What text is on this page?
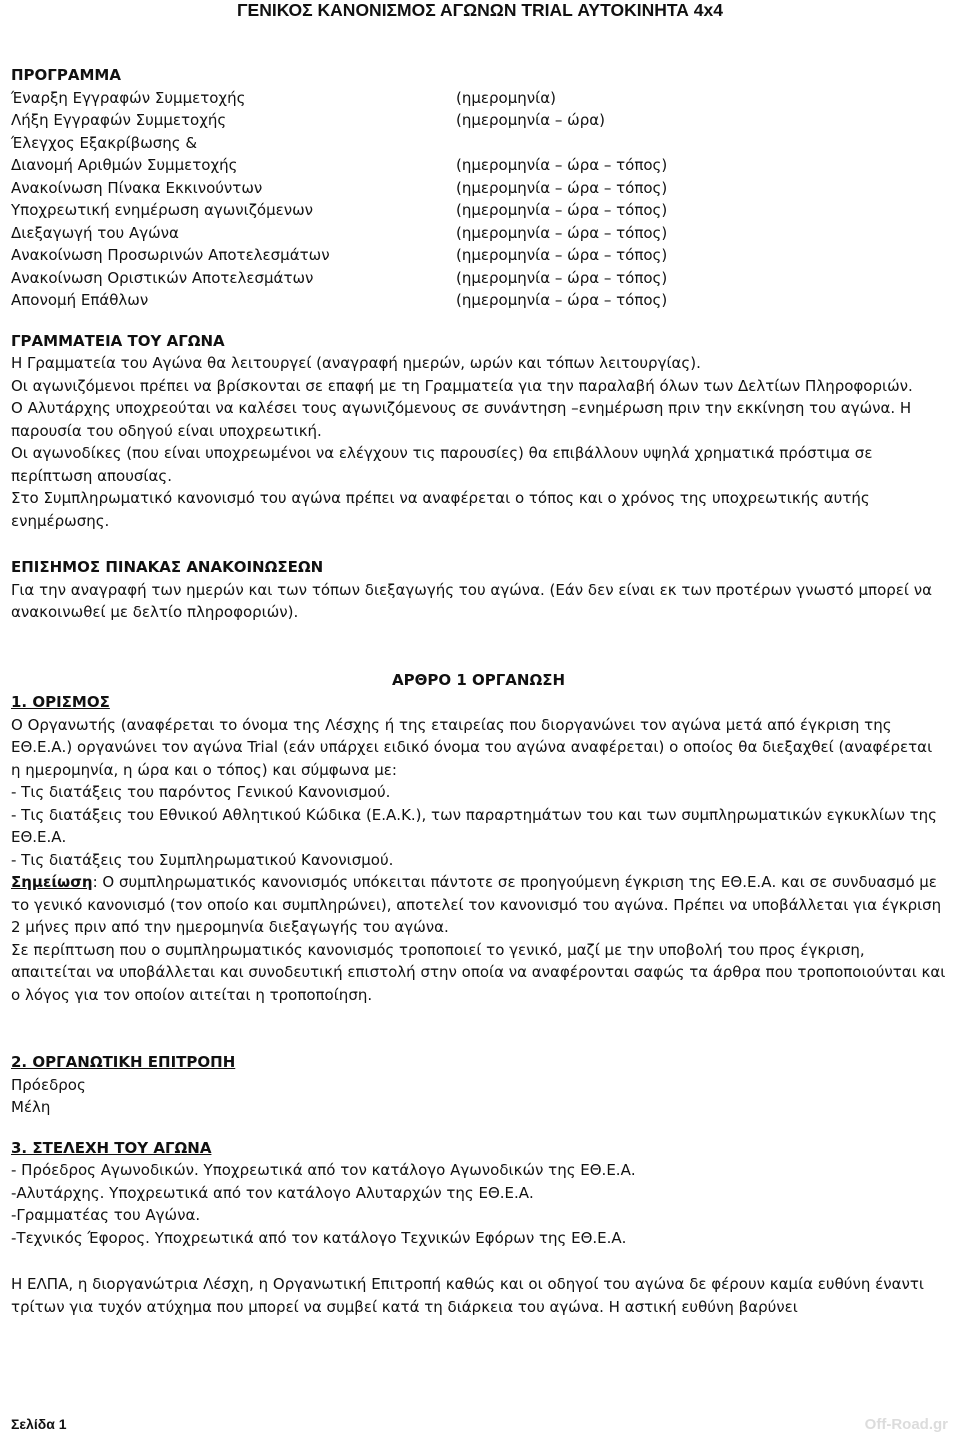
ΓΕΝΙΚΟΣ ΚΑΝΟΝΙΣΜΟΣ ΑΓΩΝΩΝ TRIAL ΑΥΤΟΚΙΝΗΤΑ 4x4

ΠΡΟΓΡΑΜΜΑ

Έναρξη Εγγραφών Συμμετοχής	(ημερομηνία)
Λήξη Εγγραφών Συμμετοχής	(ημερομηνία – ώρα)
Έλεγχος Εξακρίβωσης &
Διανομή Αριθμών Συμμετοχής	(ημερομηνία – ώρα – τόπος)
Ανακοίνωση Πίνακα Εκκινούντων	(ημερομηνία – ώρα – τόπος)
Υποχρεωτική ενημέρωση αγωνιζόμενων	(ημερομηνία – ώρα – τόπος)
Διεξαγωγή του Αγώνα	(ημερομηνία – ώρα – τόπος)
Ανακοίνωση Προσωρινών Αποτελεσμάτων	(ημερομηνία – ώρα – τόπος)
Ανακοίνωση Οριστικών Αποτελεσμάτων	(ημερομηνία – ώρα – τόπος)
Απονομή Επάθλων	(ημερομηνία – ώρα – τόπος)

ΓΡΑΜΜΑΤΕΙΑ ΤΟΥ ΑΓΩΝΑ

Η Γραμματεία του Αγώνα θα λειτουργεί (αναγραφή ημερών, ωρών και τόπων λειτουργίας).

Οι αγωνιζόμενοι πρέπει να βρίσκονται σε επαφή με τη Γραμματεία για την παραλαβή όλων των Δελτίων Πληροφοριών.

Ο Αλυτάρχης υποχρεούται να καλέσει τους αγωνιζόμενους σε συνάντηση –ενημέρωση πριν την εκκίνηση του αγώνα. Η παρουσία του οδηγού είναι υποχρεωτική.

Οι αγωνοδίκες (που είναι υποχρεωμένοι να ελέγχουν τις παρουσίες) θα επιβάλλουν υψηλά χρηματικά πρόστιμα σε περίπτωση απουσίας.

Στο Συμπληρωματικό κανονισμό του αγώνα πρέπει να αναφέρεται ο τόπος και ο χρόνος της υποχρεωτικής αυτής ενημέρωσης.

ΕΠΙΣΗΜΟΣ ΠΙΝΑΚΑΣ ΑΝΑΚΟΙΝΩΣΕΩΝ

Για την αναγραφή των ημερών και των τόπων διεξαγωγής του αγώνα. (Εάν δεν είναι εκ των προτέρων γνωστό μπορεί να ανακοινωθεί με δελτίο πληροφοριών).

ΑΡΘΡΟ 1 ΟΡΓΑΝΩΣΗ

1. ΟΡΙΣΜΟΣ

Ο Οργανωτής (αναφέρεται το όνομα της Λέσχης ή της εταιρείας που διοργανώνει τον αγώνα μετά από έγκριση της ΕΘ.Ε.Α.) οργανώνει τον αγώνα Trial (εάν υπάρχει ειδικό όνομα του αγώνα αναφέρεται) ο οποίος θα διεξαχθεί (αναφέρεται η ημερομηνία, η ώρα και ο τόπος) και σύμφωνα με:

- Τις διατάξεις του παρόντος Γενικού Κανονισμού.

- Τις διατάξεις του Εθνικού Αθλητικού Κώδικα (Ε.Α.Κ.), των παραρτημάτων του και των συμπληρωματικών εγκυκλίων της ΕΘ.Ε.Α.

- Τις διατάξεις του Συμπληρωματικού Κανονισμού.

Σημείωση: Ο συμπληρωματικός κανονισμός υπόκειται πάντοτε σε προηγούμενη έγκριση της ΕΘ.Ε.Α. και σε συνδυασμό με το γενικό κανονισμό (τον οποίο και συμπληρώνει), αποτελεί τον κανονισμό του αγώνα. Πρέπει να υποβάλλεται για έγκριση 2 μήνες πριν από την ημερομηνία διεξαγωγής του αγώνα.

Σε περίπτωση που ο συμπληρωματικός κανονισμός τροποποιεί το γενικό, μαζί με την υποβολή του προς έγκριση, απαιτείται να υποβάλλεται και συνοδευτική επιστολή στην οποία να αναφέρονται σαφώς τα άρθρα που τροποποιούνται και ο λόγος για τον οποίον αιτείται η τροποποίηση.

2. ΟΡΓΑΝΩΤΙΚΗ ΕΠΙΤΡΟΠΗ

Πρόεδρος

Μέλη

3. ΣΤΕΛΕΧΗ ΤΟΥ ΑΓΩΝΑ

- Πρόεδρος Αγωνοδικών. Υποχρεωτικά από τον κατάλογο Αγωνοδικών της ΕΘ.Ε.Α.

-Αλυτάρχης. Υποχρεωτικά από τον κατάλογο Αλυταρχών της ΕΘ.Ε.Α.

-Γραμματέας του Αγώνα.

-Τεχνικός Έφορος. Υποχρεωτικά από τον κατάλογο Τεχνικών Εφόρων της ΕΘ.Ε.Α.

Η ΕΛΠΑ, η διοργανώτρια Λέσχη, η Οργανωτική Επιτροπή καθώς και οι οδηγοί του αγώνα δε φέρουν καμία ευθύνη έναντι τρίτων για τυχόν ατύχημα που μπορεί να συμβεί κατά τη διάρκεια του αγώνα. Η αστική ευθύνη βαρύνει

Σελίδα 1	Off-Road.gr
